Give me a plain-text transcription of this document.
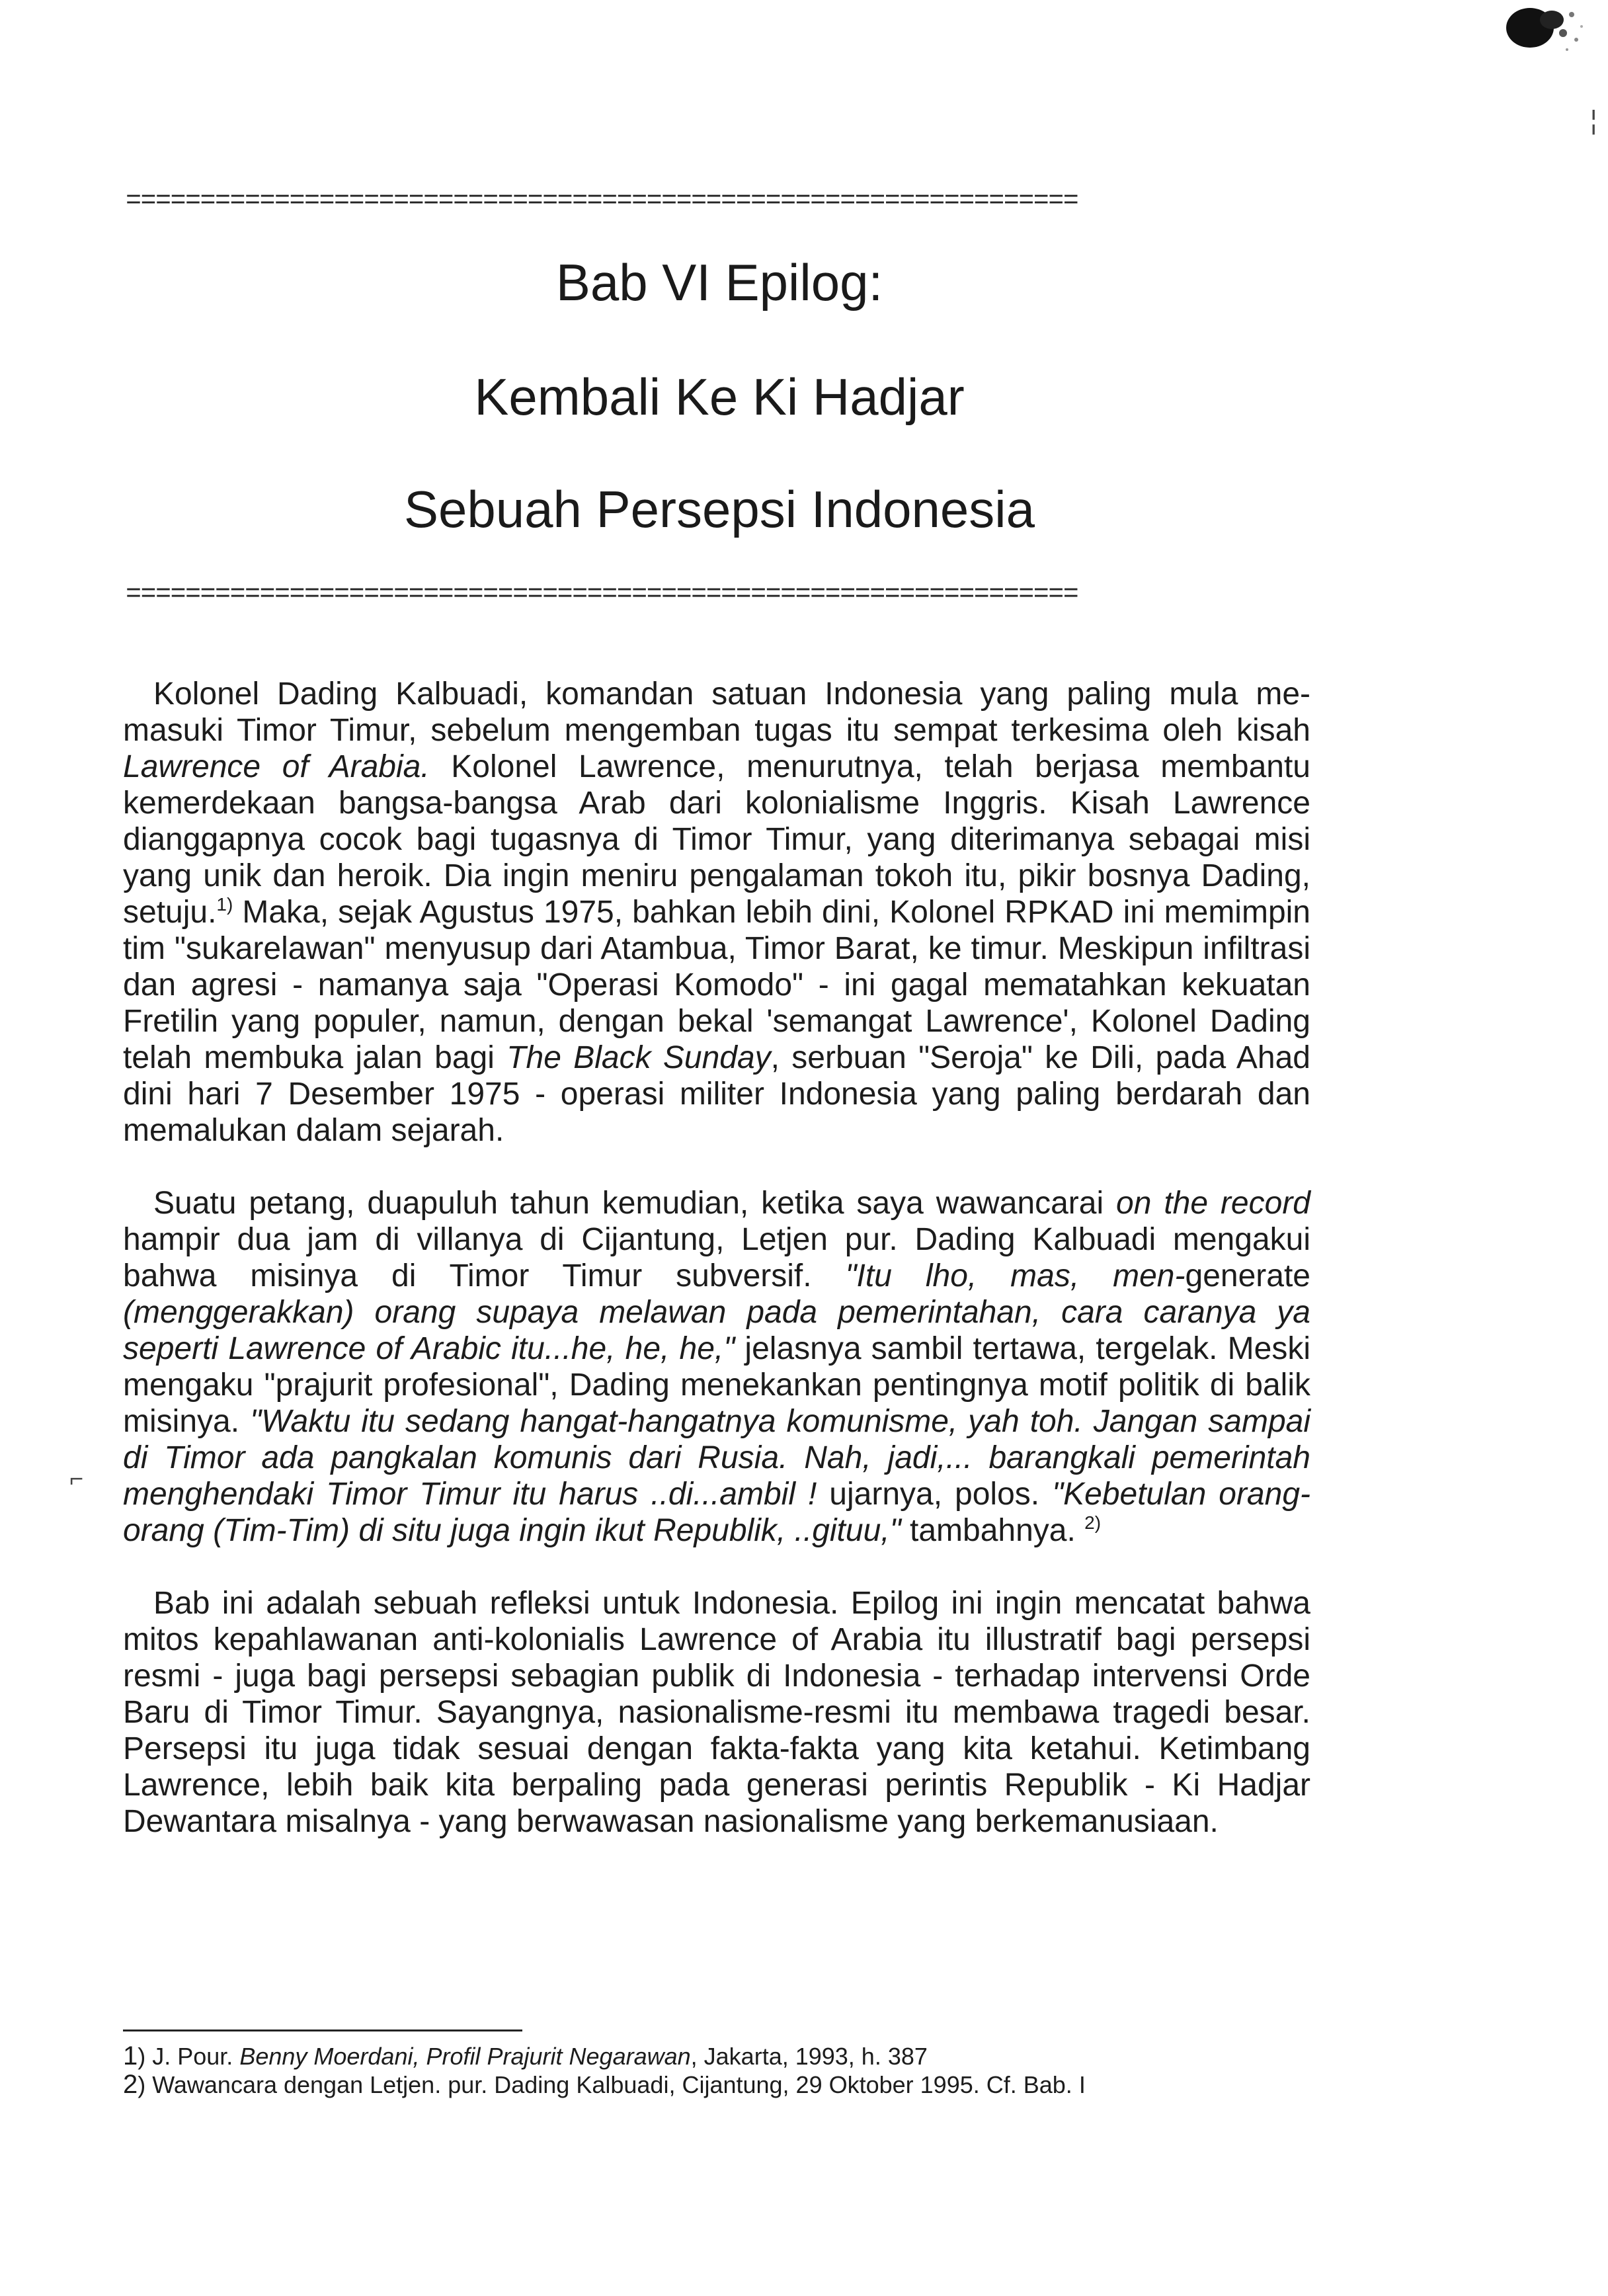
¦
⌐
================================================================
Bab VI Epilog:
Kembali Ke Ki Hadjar
Sebuah Persepsi Indonesia
================================================================

Kolonel Dading Kalbuadi, komandan satuan Indonesia yang paling mula memasuki Timor Timur, sebelum mengemban tugas itu sempat terkesima oleh kisah Lawrence of Arabia. Kolonel Lawrence, menurutnya, telah berjasa membantu kemerdekaan bangsa-bangsa Arab dari kolonialisme Inggris. Kisah Lawrence dianggapnya cocok bagi tugasnya di Timor Timur, yang diterimanya sebagai misi yang unik dan heroik. Dia ingin meniru pengalaman tokoh itu, pikir bosnya Dading, setuju.$^{1)}$ Maka, sejak Agustus 1975, bahkan lebih dini, Kolonel RPKAD ini memimpin tim "sukarelawan" menyusup dari Atambua, Timor Barat, ke timur. Meskipun infiltrasi dan agresi - namanya saja "Operasi Komodo" - ini gagal mematahkan kekuatan Fretilin yang populer, namun, dengan bekal 'semangat Lawrence', Kolonel Dading telah membuka jalan bagi The Black Sunday, serbuan "Seroja" ke Dili, pada Ahad dini hari 7 Desember 1975 - operasi militer Indonesia yang paling berdarah dan memalukan dalam sejarah.

Suatu petang, duapuluh tahun kemudian, ketika saya wawancarai on the record hampir dua jam di villanya di Cijantung, Letjen pur. Dading Kalbuadi mengakui bahwa misinya di Timor Timur subversif. "Itu lho, mas, men-generate (menggerakkan) orang supaya melawan pada pemerintahan, cara caranya ya seperti Lawrence of Arabic itu...he, he, he," jelasnya sambil tertawa, tergelak. Meski mengaku "prajurit profesional", Dading menekankan pentingnya motif politik di balik misinya. "Waktu itu sedang hangat-hangatnya komunisme, yah toh. Jangan sampai di Timor ada pangkalan komunis dari Rusia. Nah, jadi,... barangkali pemerintah menghendaki Timor Timur itu harus ..di...ambil ! ujarnya, polos. "Kebetulan orang-orang (Tim-Tim) di situ juga ingin ikut Republik, ..gituu," tambahnya. $^{2)}$

Bab ini adalah sebuah refleksi untuk Indonesia. Epilog ini ingin mencatat bahwa mitos kepahlawanan anti-kolonialis Lawrence of Arabia itu illustratif bagi persepsi resmi - juga bagi persepsi sebagian publik di Indonesia - terhadap intervensi Orde Baru di Timor Timur. Sayangnya, nasionalisme-resmi itu membawa tragedi besar. Persepsi itu juga tidak sesuai dengan fakta-fakta yang kita ketahui. Ketimbang Lawrence, lebih baik kita berpaling pada generasi perintis Republik - Ki Hadjar Dewantara misalnya - yang berwawasan nasionalisme yang berkemanusiaan.

1) J. Pour. Benny Moerdani, Profil Prajurit Negarawan, Jakarta, 1993, h. 387
2) Wawancara dengan Letjen. pur. Dading Kalbuadi, Cijantung, 29 Oktober 1995. Cf. Bab. I
